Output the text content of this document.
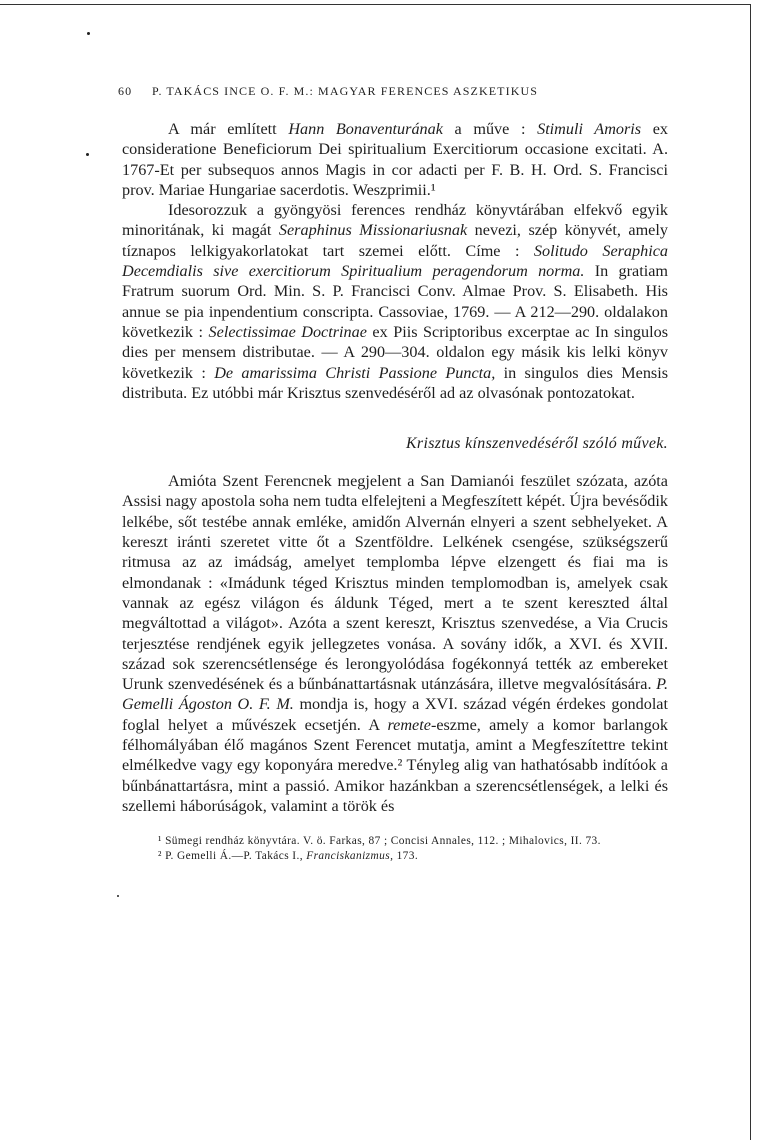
60 P. TAKÁCS INCE O. F. M.: MAGYAR FERENCES ASZKETIKUS

A már említett Hann Bonaventurának a műve : Stimuli Amoris ex consideratione Beneficiorum Dei spiritualium Exercitiorum occasione excitati. A. 1767-Et per subsequos annos Magis in cor adacti per F. B. H. Ord. S. Francisci prov. Mariae Hungariae sacerdotis. Weszprimii.¹

Idesorozzuk a gyöngyösi ferences rendház könyvtárában elfekvő egyik minoritának, ki magát Seraphinus Missionariusnak nevezi, szép könyvét, amely tíznapos lelkigyakorlatokat tart szemei előtt. Címe : Solitudo Seraphica Decemdialis sive exercitiorum Spiritualium peragendorum norma. In gratiam Fratrum suorum Ord. Min. S. P. Francisci Conv. Almae Prov. S. Elisabeth. His annue se pia inpendentium conscripta. Cassoviae, 1769. — A 212—290. oldalakon következik : Selectissimae Doctrinae ex Piis Scriptoribus excerptae ac In singulos dies per mensem distributae. — A 290—304. oldalon egy másik kis lelki könyv következik : De amarissima Christi Passione Puncta, in singulos dies Mensis distributa. Ez utóbbi már Krisztus szenvedéséről ad az olvasónak pontozatokat.

Krisztus kínszenvedéséről szóló művek.

Amióta Szent Ferencnek megjelent a San Damianói feszület szózata, azóta Assisi nagy apostola soha nem tudta elfelejteni a Megfeszített képét. Újra bevésődik lelkébe, sőt testébe annak emléke, amidőn Alvernán elnyeri a szent sebhelyeket. A kereszt iránti szeretet vitte őt a Szentföldre. Lelkének csengése, szükségszerű ritmusa az az imádság, amelyet templomba lépve elzengett és fiai ma is elmondanak : «Imádunk téged Krisztus minden templomodban is, amelyek csak vannak az egész világon és áldunk Téged, mert a te szent kereszted által megváltottad a világot». Azóta a szent kereszt, Krisztus szenvedése, a Via Crucis terjesztése rendjének egyik jellegzetes vonása. A sovány idők, a XVI. és XVII. század sok szerencsétlensége és lerongyolódása fogékonnyá tették az embereket Urunk szenvedésének és a bűnbánattartásnak utánzására, illetve megvalósítására. P. Gemelli Ágoston O. F. M. mondja is, hogy a XVI. század végén érdekes gondolat foglal helyet a művészek ecsetjén. A remete-eszme, amely a komor barlangok félhomályában élő magános Szent Ferencet mutatja, amint a Megfeszítettre tekint elmélkedve vagy egy koponyára meredve.² Tényleg alig van hathatósabb indítóok a bűnbánattartásra, mint a passió. Amikor hazánkban a szerencsétlenségek, a lelki és szellemi háborúságok, valamint a török és

¹ Sümegi rendház könyvtára. V. ö. Farkas, 87 ; Concisi Annales, 112. ; Mihalovics, II. 73.

² P. Gemelli Á.—P. Takács I., Franciskanizmus, 173.
